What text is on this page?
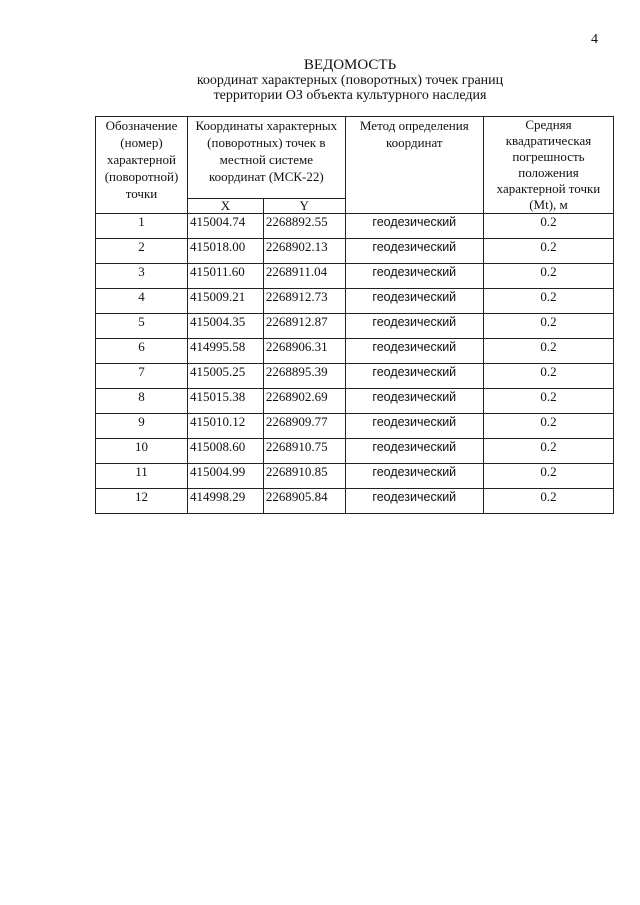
4
ВЕДОМОСТЬ
координат характерных (поворотных) точек границ
территории ОЗ объекта культурного наследия
Обозначение (номер) характерной (поворотной) точки	Координаты характерных (поворотных) точек в местной системе координат (МСК-22)		Метод определения координат	Средняя квадратическая погрешность положения характерной точки (Mt), м
	X	Y		
1	415004.74	2268892.55	геодезический	0.2
2	415018.00	2268902.13	геодезический	0.2
3	415011.60	2268911.04	геодезический	0.2
4	415009.21	2268912.73	геодезический	0.2
5	415004.35	2268912.87	геодезический	0.2
6	414995.58	2268906.31	геодезический	0.2
7	415005.25	2268895.39	геодезический	0.2
8	415015.38	2268902.69	геодезический	0.2
9	415010.12	2268909.77	геодезический	0.2
10	415008.60	2268910.75	геодезический	0.2
11	415004.99	2268910.85	геодезический	0.2
12	414998.29	2268905.84	геодезический	0.2
